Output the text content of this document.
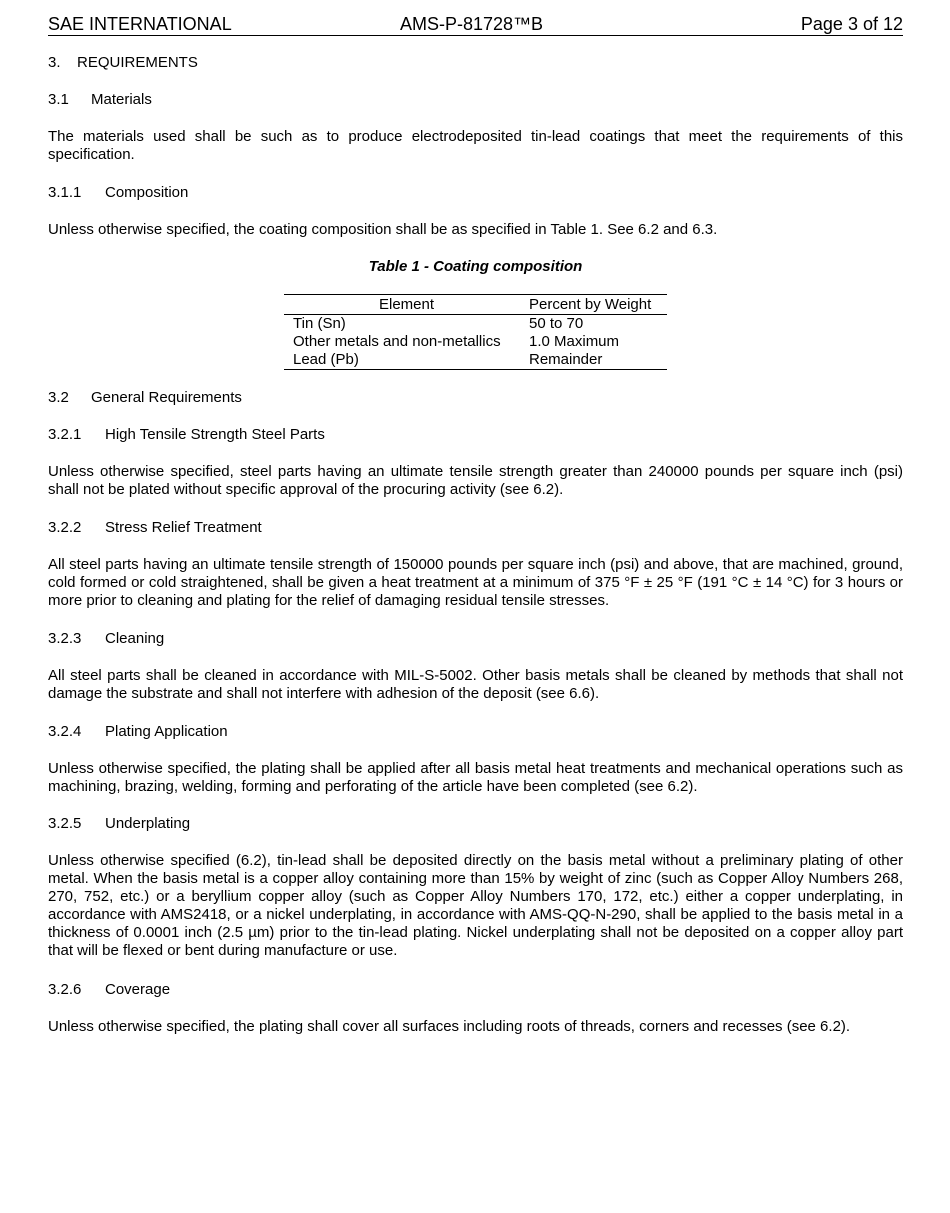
SAE INTERNATIONAL	AMS-P-81728™B	Page 3 of 12
3. REQUIREMENTS
3.1 Materials
The materials used shall be such as to produce electrodeposited tin-lead coatings that meet the requirements of this specification.
3.1.1 Composition
Unless otherwise specified, the coating composition shall be as specified in Table 1. See 6.2 and 6.3.
Table 1 - Coating composition
Element	Percent by Weight
Tin (Sn)	50 to 70
Other metals and non-metallics	1.0 Maximum
Lead (Pb)	Remainder
3.2 General Requirements
3.2.1 High Tensile Strength Steel Parts
Unless otherwise specified, steel parts having an ultimate tensile strength greater than 240000 pounds per square inch (psi) shall not be plated without specific approval of the procuring activity (see 6.2).
3.2.2 Stress Relief Treatment
All steel parts having an ultimate tensile strength of 150000 pounds per square inch (psi) and above, that are machined, ground, cold formed or cold straightened, shall be given a heat treatment at a minimum of 375 °F ± 25 °F (191 °C ± 14 °C) for 3 hours or more prior to cleaning and plating for the relief of damaging residual tensile stresses.
3.2.3 Cleaning
All steel parts shall be cleaned in accordance with MIL-S-5002. Other basis metals shall be cleaned by methods that shall not damage the substrate and shall not interfere with adhesion of the deposit (see 6.6).
3.2.4 Plating Application
Unless otherwise specified, the plating shall be applied after all basis metal heat treatments and mechanical operations such as machining, brazing, welding, forming and perforating of the article have been completed (see 6.2).
3.2.5 Underplating
Unless otherwise specified (6.2), tin-lead shall be deposited directly on the basis metal without a preliminary plating of other metal. When the basis metal is a copper alloy containing more than 15% by weight of zinc (such as Copper Alloy Numbers 268, 270, 752, etc.) or a beryllium copper alloy (such as Copper Alloy Numbers 170, 172, etc.) either a copper underplating, in accordance with AMS2418, or a nickel underplating, in accordance with AMS-QQ-N-290, shall be applied to the basis metal in a thickness of 0.0001 inch (2.5 µm) prior to the tin-lead plating. Nickel underplating shall not be deposited on a copper alloy part that will be flexed or bent during manufacture or use.
3.2.6 Coverage
Unless otherwise specified, the plating shall cover all surfaces including roots of threads, corners and recesses (see 6.2).
